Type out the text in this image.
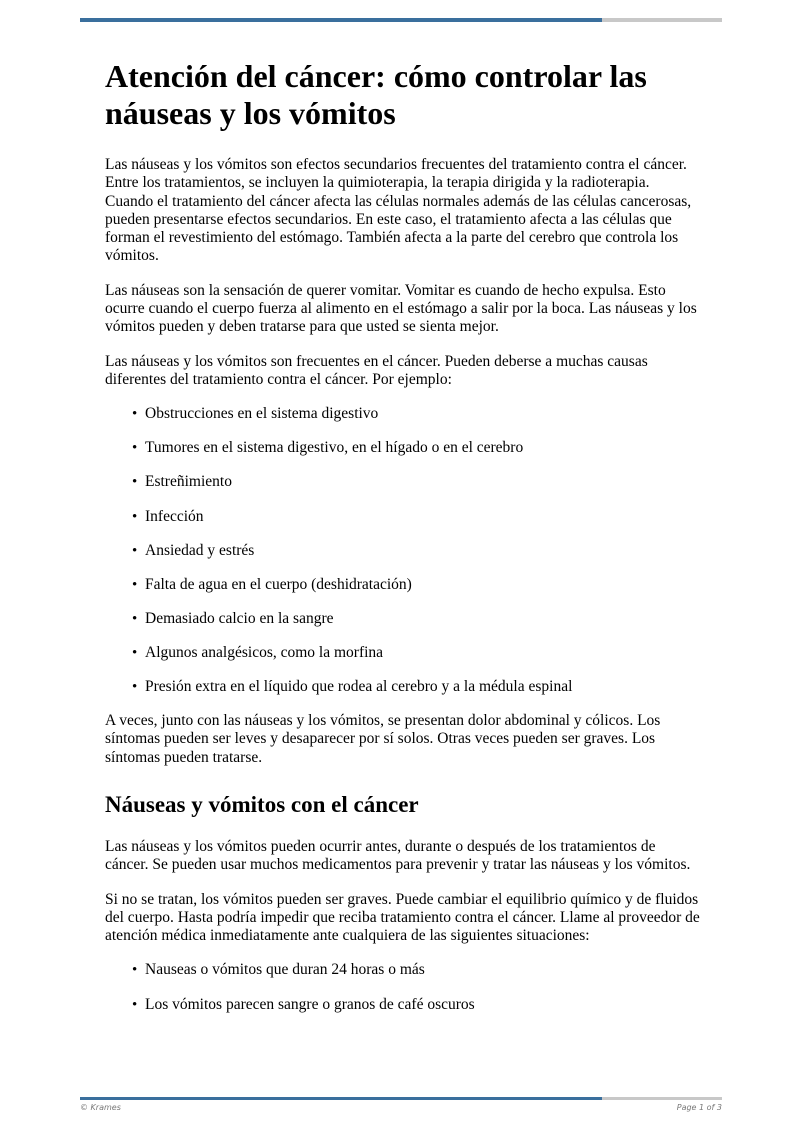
Atención del cáncer: cómo controlar las náuseas y los vómitos

Las náuseas y los vómitos son efectos secundarios frecuentes del tratamiento contra el cáncer. Entre los tratamientos, se incluyen la quimioterapia, la terapia dirigida y la radioterapia. Cuando el tratamiento del cáncer afecta las células normales además de las células cancerosas, pueden presentarse efectos secundarios. En este caso, el tratamiento afecta a las células que forman el revestimiento del estómago. También afecta a la parte del cerebro que controla los vómitos.

Las náuseas son la sensación de querer vomitar. Vomitar es cuando de hecho expulsa. Esto ocurre cuando el cuerpo fuerza al alimento en el estómago a salir por la boca. Las náuseas y los vómitos pueden y deben tratarse para que usted se sienta mejor.

Las náuseas y los vómitos son frecuentes en el cáncer. Pueden deberse a muchas causas diferentes del tratamiento contra el cáncer. Por ejemplo:

• Obstrucciones en el sistema digestivo
• Tumores en el sistema digestivo, en el hígado o en el cerebro
• Estreñimiento
• Infección
• Ansiedad y estrés
• Falta de agua en el cuerpo (deshidratación)
• Demasiado calcio en la sangre
• Algunos analgésicos, como la morfina
• Presión extra en el líquido que rodea al cerebro y a la médula espinal

A veces, junto con las náuseas y los vómitos, se presentan dolor abdominal y cólicos. Los síntomas pueden ser leves y desaparecer por sí solos. Otras veces pueden ser graves. Los síntomas pueden tratarse.

Náuseas y vómitos con el cáncer

Las náuseas y los vómitos pueden ocurrir antes, durante o después de los tratamientos de cáncer. Se pueden usar muchos medicamentos para prevenir y tratar las náuseas y los vómitos.

Si no se tratan, los vómitos pueden ser graves. Puede cambiar el equilibrio químico y de fluidos del cuerpo. Hasta podría impedir que reciba tratamiento contra el cáncer. Llame al proveedor de atención médica inmediatamente ante cualquiera de las siguientes situaciones:

• Nauseas o vómitos que duran 24 horas o más
• Los vómitos parecen sangre o granos de café oscuros
© Krames	Page 1 of 3
